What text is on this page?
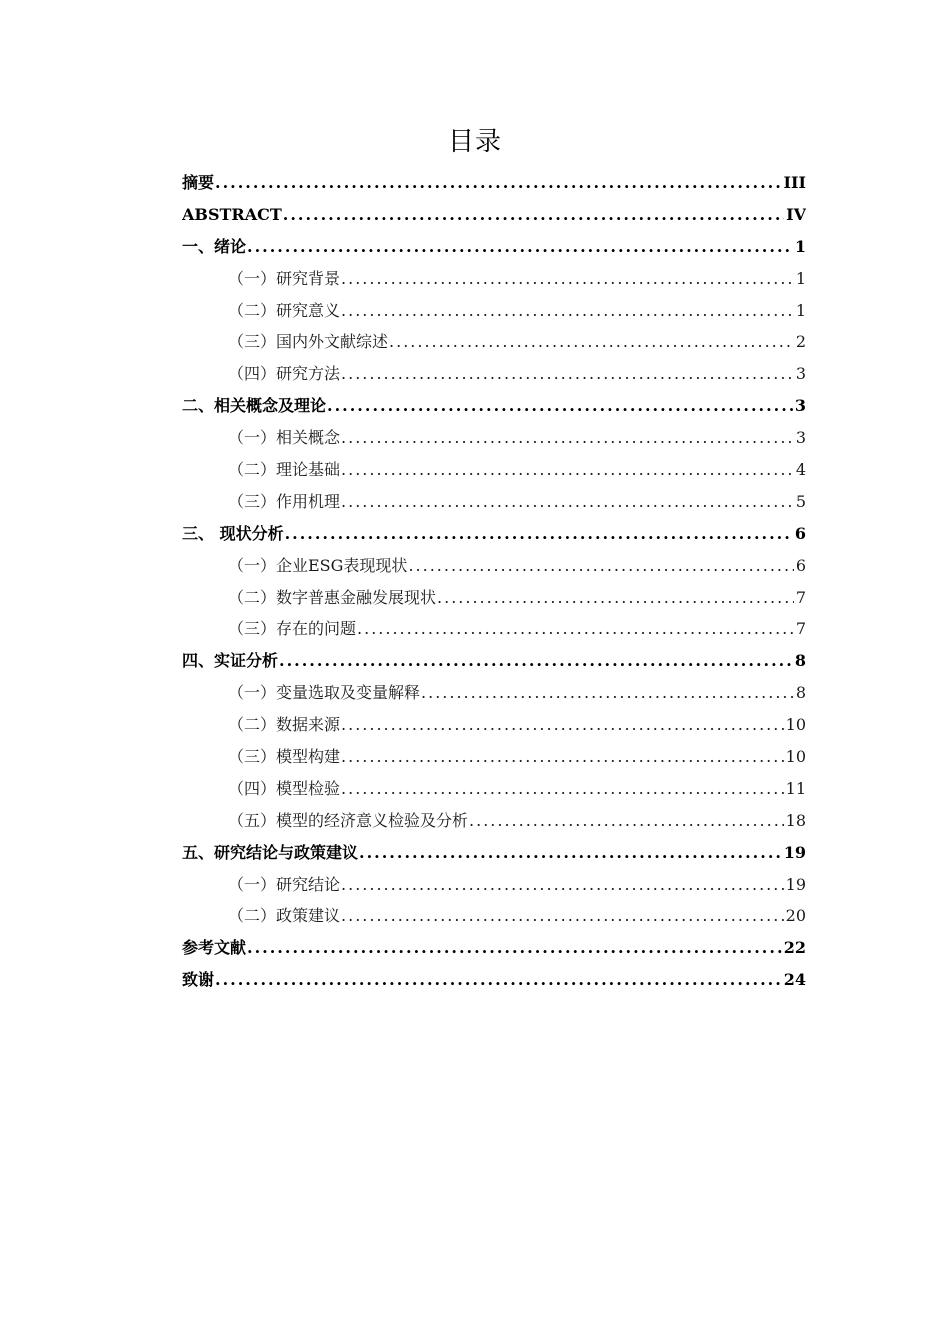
目录
摘要 .....	III
ABSTRACT .....	IV
一、绪论 .....	1
（一）研究背景 .....	1
（二）研究意义 .....	1
（三）国内外文献综述 .....	2
（四）研究方法 .....	3
二、相关概念及理论 .....	3
（一）相关概念 .....	3
（二）理论基础 .....	4
（三）作用机理 .....	5
三、 现状分析 .....	6
（一）企业ESG表现现状 .....	6
（二）数字普惠金融发展现状 .....	7
（三）存在的问题 .....	7
四、实证分析 .....	8
（一）变量选取及变量解释 .....	8
（二）数据来源 .....	10
（三）模型构建 .....	10
（四）模型检验 .....	11
（五）模型的经济意义检验及分析 .....	18
五、研究结论与政策建议 .....	19
（一）研究结论 .....	19
（二）政策建议 .....	20
参考文献 .....	22
致谢 .....	24
